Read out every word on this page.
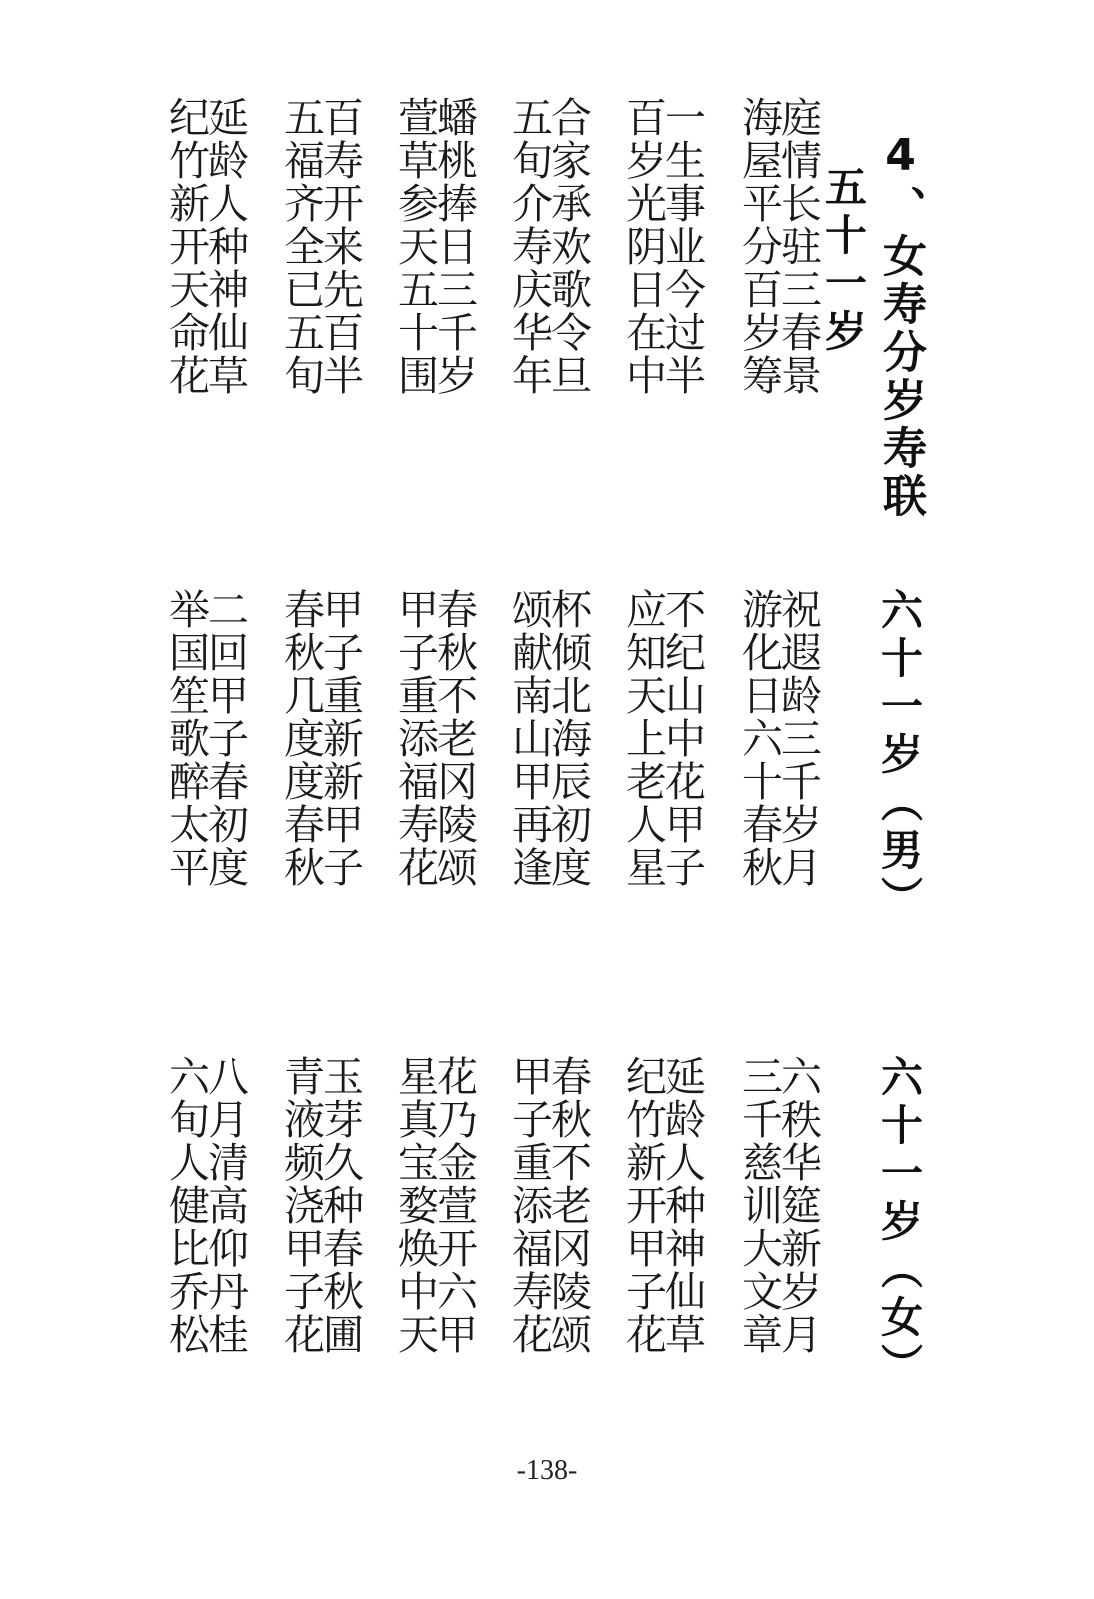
4、女寿分岁寿联
五十一岁
庭情长驻三春景
海屋平分百岁筹
一生事业今过半
百岁光阴日在中
合家承欢歌令旦
五旬介寿庆华年
蟠桃捧日三千岁
萱草参天五十围
百寿开来先百半
五福齐全已五旬
延龄人种神仙草
纪竹新开天命花
六十一岁（男）
祝遐龄三千岁月
游化日六十春秋
不纪山中花甲子
应知天上老人星
杯倾北海辰初度
颂献南山甲再逢
春秋不老冈陵颂
甲子重添福寿花
甲子重新新甲子
春秋几度度春秋
二回甲子春初度
举国笙歌醉太平
六十一岁（女）
六秩华筵新岁月
三千慈训大文章
延龄人种神仙草
纪竹新开甲子花
春秋不老冈陵颂
甲子重添福寿花
花乃金萱开六甲
星真宝婺焕中天
玉芽久种春秋圃
青液频浇甲子花
八月清高仰丹桂
六旬人健比乔松
-138-
